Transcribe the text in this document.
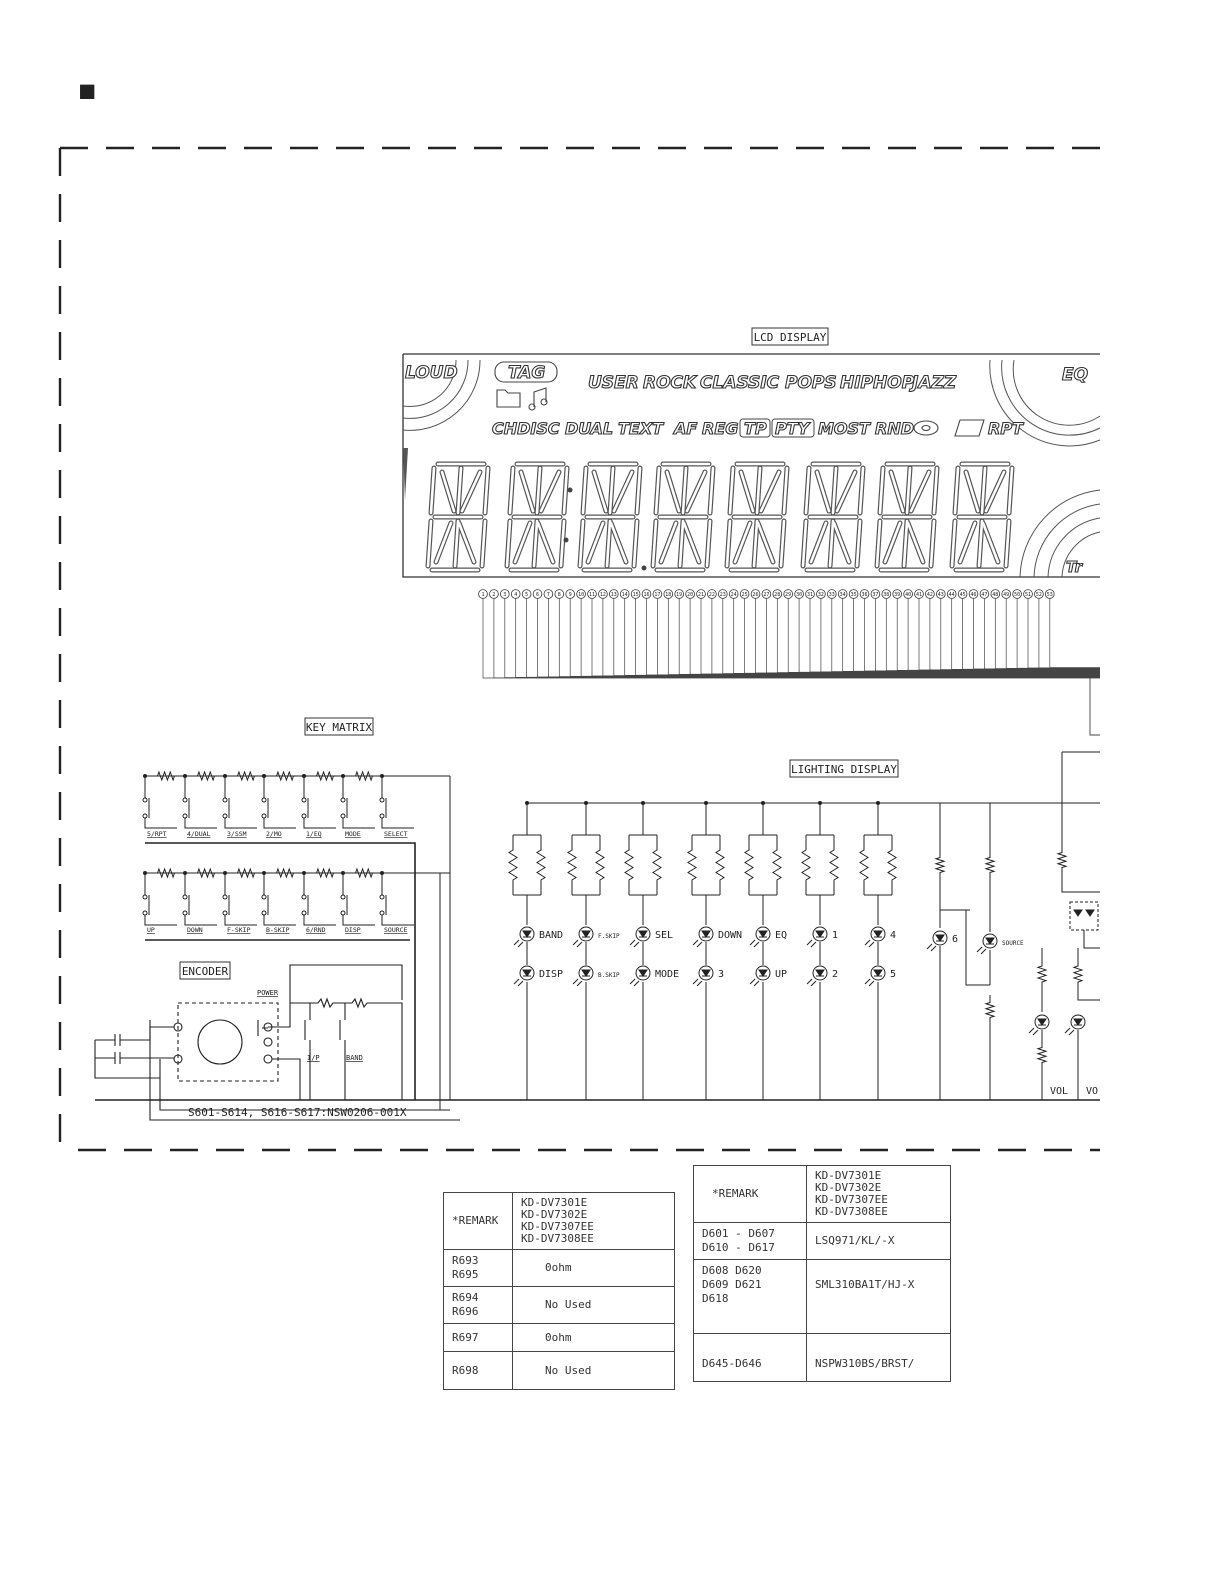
■
LCD DISPLAY
LOUD	TAG	USER ROCK CLASSIC POPS HIPHOP
JAZZ	EQ
CHDISC DUAL TEXT AF REG TP PTY MOST RND	RPT
Tr
1 2 3 4 5 6 7 8 9 10 11 12 13 14 15 16 17 18 19 20 21 22 23 24 25 26 27 28 29 30 31 32 33 34 35 36 37 38 39 40 41 42 43 44 45 46 47 48 49 50 51 52 53
KEY MATRIX
5/RPT	4/DUAL	3/SSM	2/MO	1/EQ	MODE	SELECT
UP	DOWN	F-SKIP B-SKIP	6/RND	DISP	SOURCE
ENCODER
POWER
I/P	BAND
S601-S614, S616-S617:NSW0206-001X
LIGHTING DISPLAY
BAND
DISP
F.SKIP
B.SKIP
SEL
MODE
DOWN
3
EQ
UP
1
2
4
5
6	SOURCE
VOL VO
*REMARK	KD-DV7301E
KD-DV7302E
KD-DV7307EE
KD-DV7308EE

R693
R695	0ohm

R694
R696	No Used

R697	0ohm

R698	No Used
*REMARK	KD-DV7301E
KD-DV7302E
KD-DV7307EE
KD-DV7308EE

D601 - D607
D610 - D617	LSQ971/KL/-X

D608 D620
D609 D621
D618	SML310BA1T/HJ-X

D645-D646	NSPW310BS/BRST/
